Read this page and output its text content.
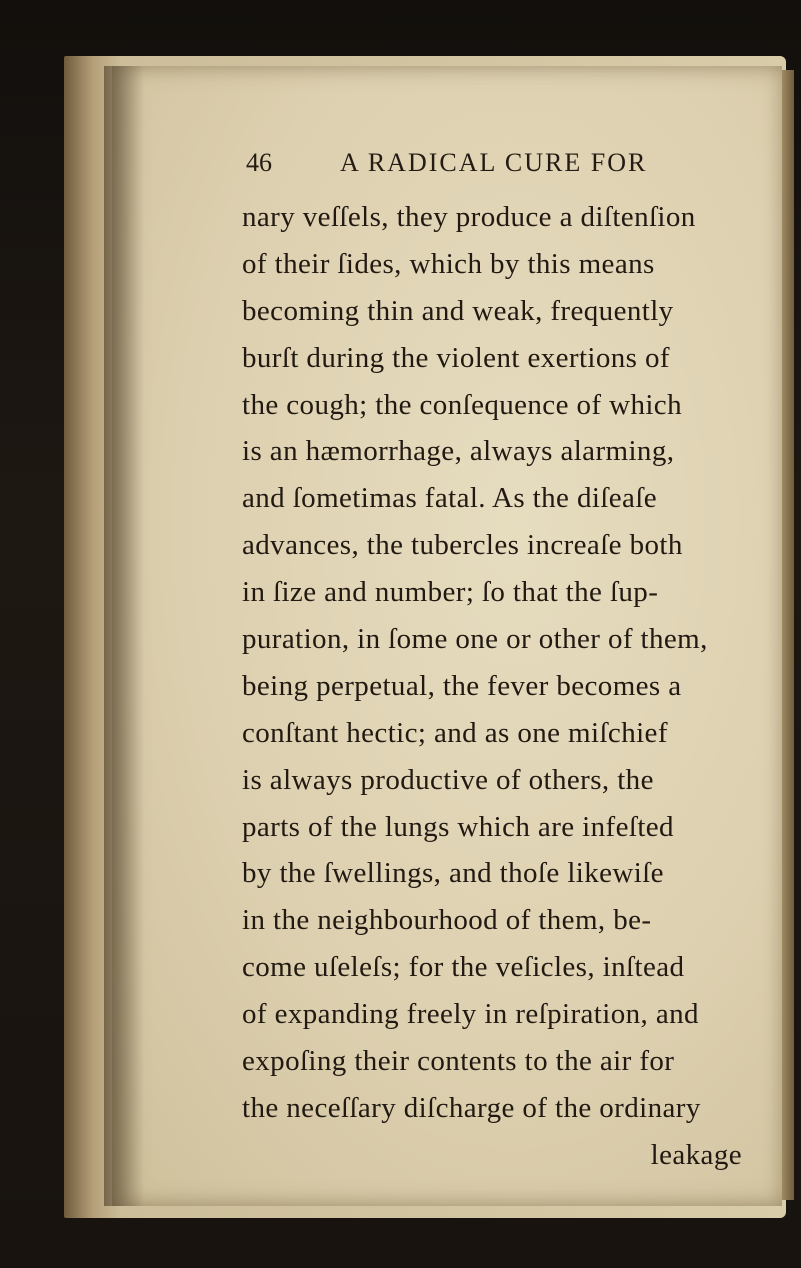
46	A RADICAL CURE FOR
nary veſſels, they produce a diſtenſion
of their ſides, which by this means
becoming thin and weak, frequently
burſt during the violent exertions of
the cough; the conſequence of which
is an hæmorrhage, always alarming,
and ſometimas fatal. As the diſeaſe
advances, the tubercles increaſe both
in ſize and number; ſo that the ſup-
puration, in ſome one or other of them,
being perpetual, the fever becomes a
conſtant hectic; and as one miſchief
is always productive of others, the
parts of the lungs which are infeſted
by the ſwellings, and thoſe likewiſe
in the neighbourhood of them, be-
come uſeleſs; for the veſicles, inſtead
of expanding freely in reſpiration, and
expoſing their contents to the air for
the neceſſary diſcharge of the ordinary
leakage
